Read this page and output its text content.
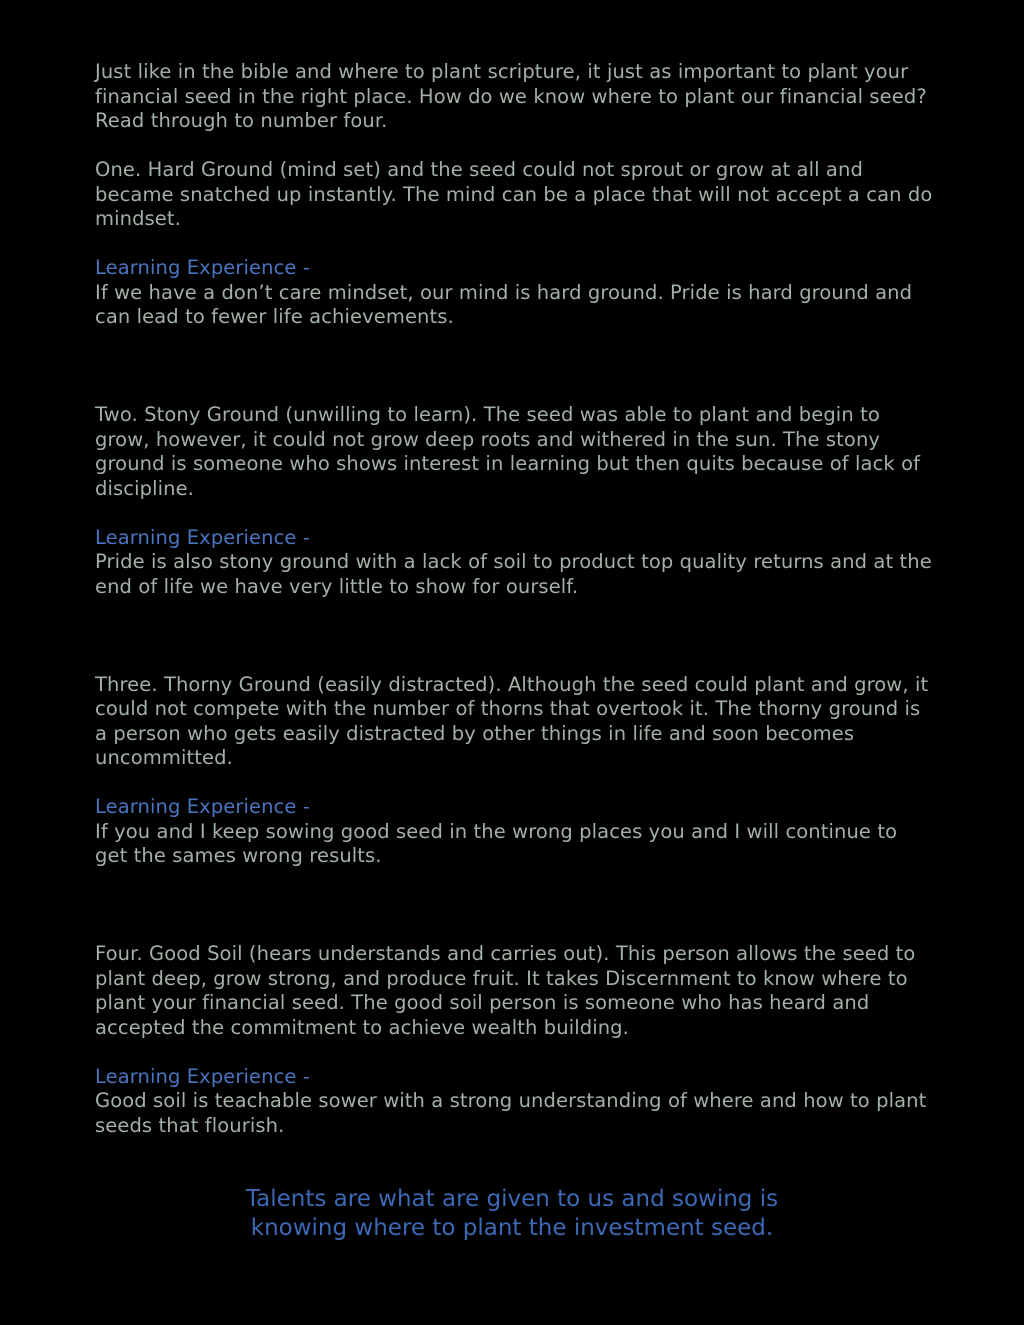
Just like in the bible and where to plant scripture, it just as important to plant your financial seed in the right place. How do we know where to plant our financial seed? Read through to number four.

One. Hard Ground (mind set) and the seed could not sprout or grow at all and became snatched up instantly. The mind can be a place that will not accept a can do mindset.

Learning Experience -

If we have a don’t care mindset, our mind is hard ground. Pride is hard ground and can lead to fewer life achievements.

Two. Stony Ground (unwilling to learn). The seed was able to plant and begin to grow, however, it could not grow deep roots and withered in the sun. The stony ground is someone who shows interest in learning but then quits because of lack of discipline.

Learning Experience -

Pride is also stony ground with a lack of soil to product top quality returns and at the end of life we have very little to show for ourself.

Three. Thorny Ground (easily distracted). Although the seed could plant and grow, it could not compete with the number of thorns that overtook it. The thorny ground is a person who gets easily distracted by other things in life and soon becomes uncommitted.

Learning Experience -

If you and I keep sowing good seed in the wrong places you and I will continue to get the sames wrong results.

Four. Good Soil (hears understands and carries out). This person allows the seed to plant deep, grow strong, and produce fruit. It takes Discernment to know where to plant your financial seed. The good soil person is someone who has heard and accepted the commitment to achieve wealth building.

Learning Experience -

Good soil is teachable sower with a strong understanding of where and how to plant seeds that flourish.

Talents are what are given to us and sowing is
knowing where to plant the investment seed.
